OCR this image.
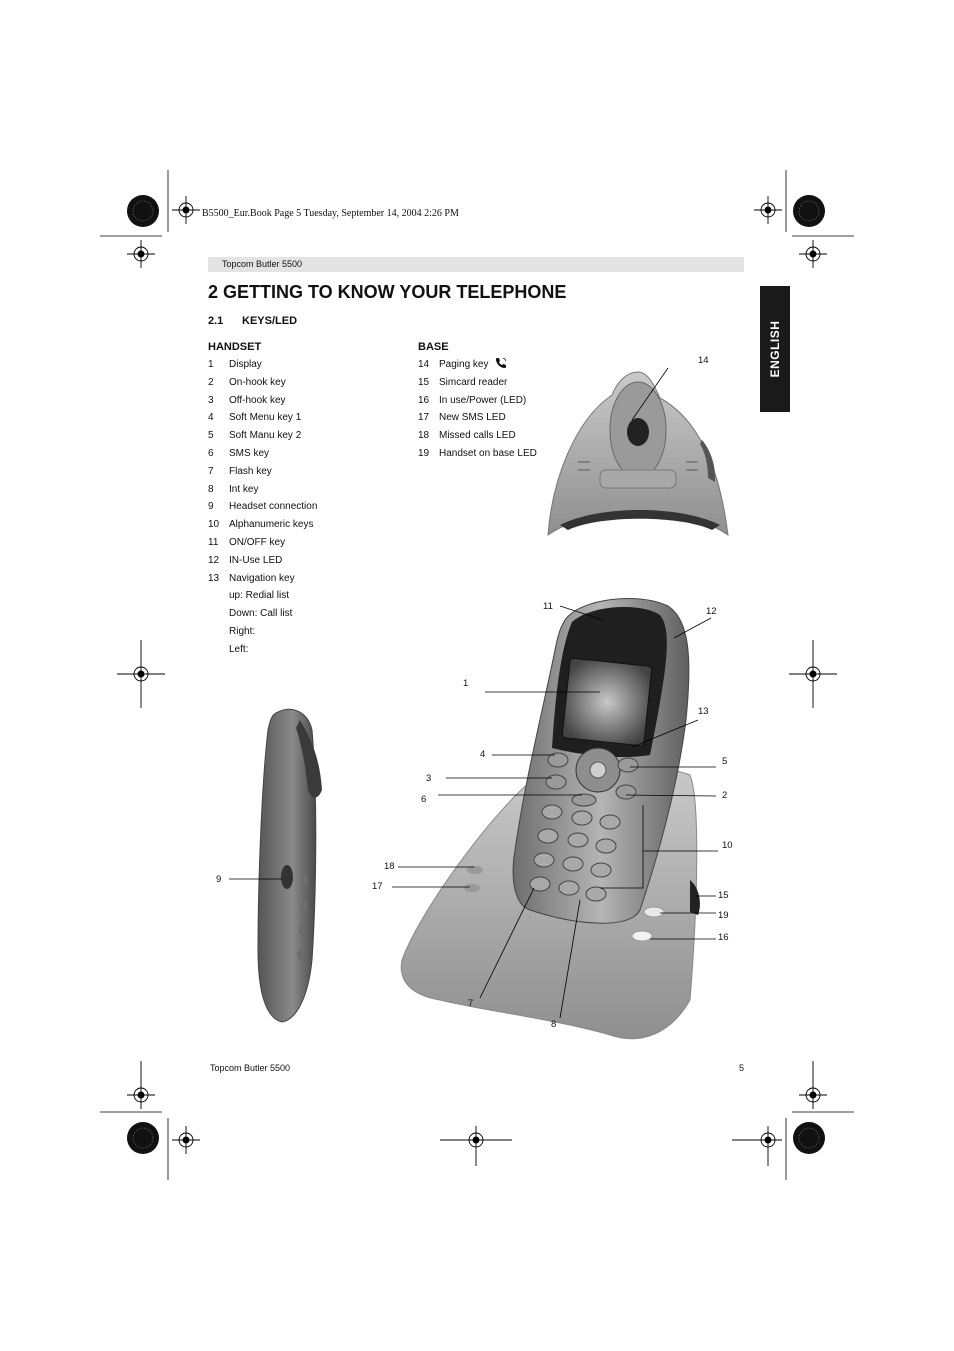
B5500_Eur.Book Page 5 Tuesday, September 14, 2004 2:26 PM
Topcom Butler 5500
ENGLISH
2 GETTING TO KNOW YOUR TELEPHONE
2.1 KEYS/LED
HANDSET
1 Display
2 On-hook key
3 Off-hook key
4 Soft Menu key 1
5 Soft Manu key 2
6 SMS key
7 Flash key
8 Int key
9 Headset connection
10 Alphanumeric keys
11 ON/OFF key
12 IN-Use LED
13 Navigation key
up: Redial list
Down: Call list
Right:
Left:
BASE
14 Paging key
15 Simcard reader
16 In use/Power (LED)
17 New SMS LED
18 Missed calls LED
19 Handset on base LED
14
11	12
1
13
4
5
3
2
6
10
18
9
17
15
19
16
7
8
Topcom Butler 5500	5
